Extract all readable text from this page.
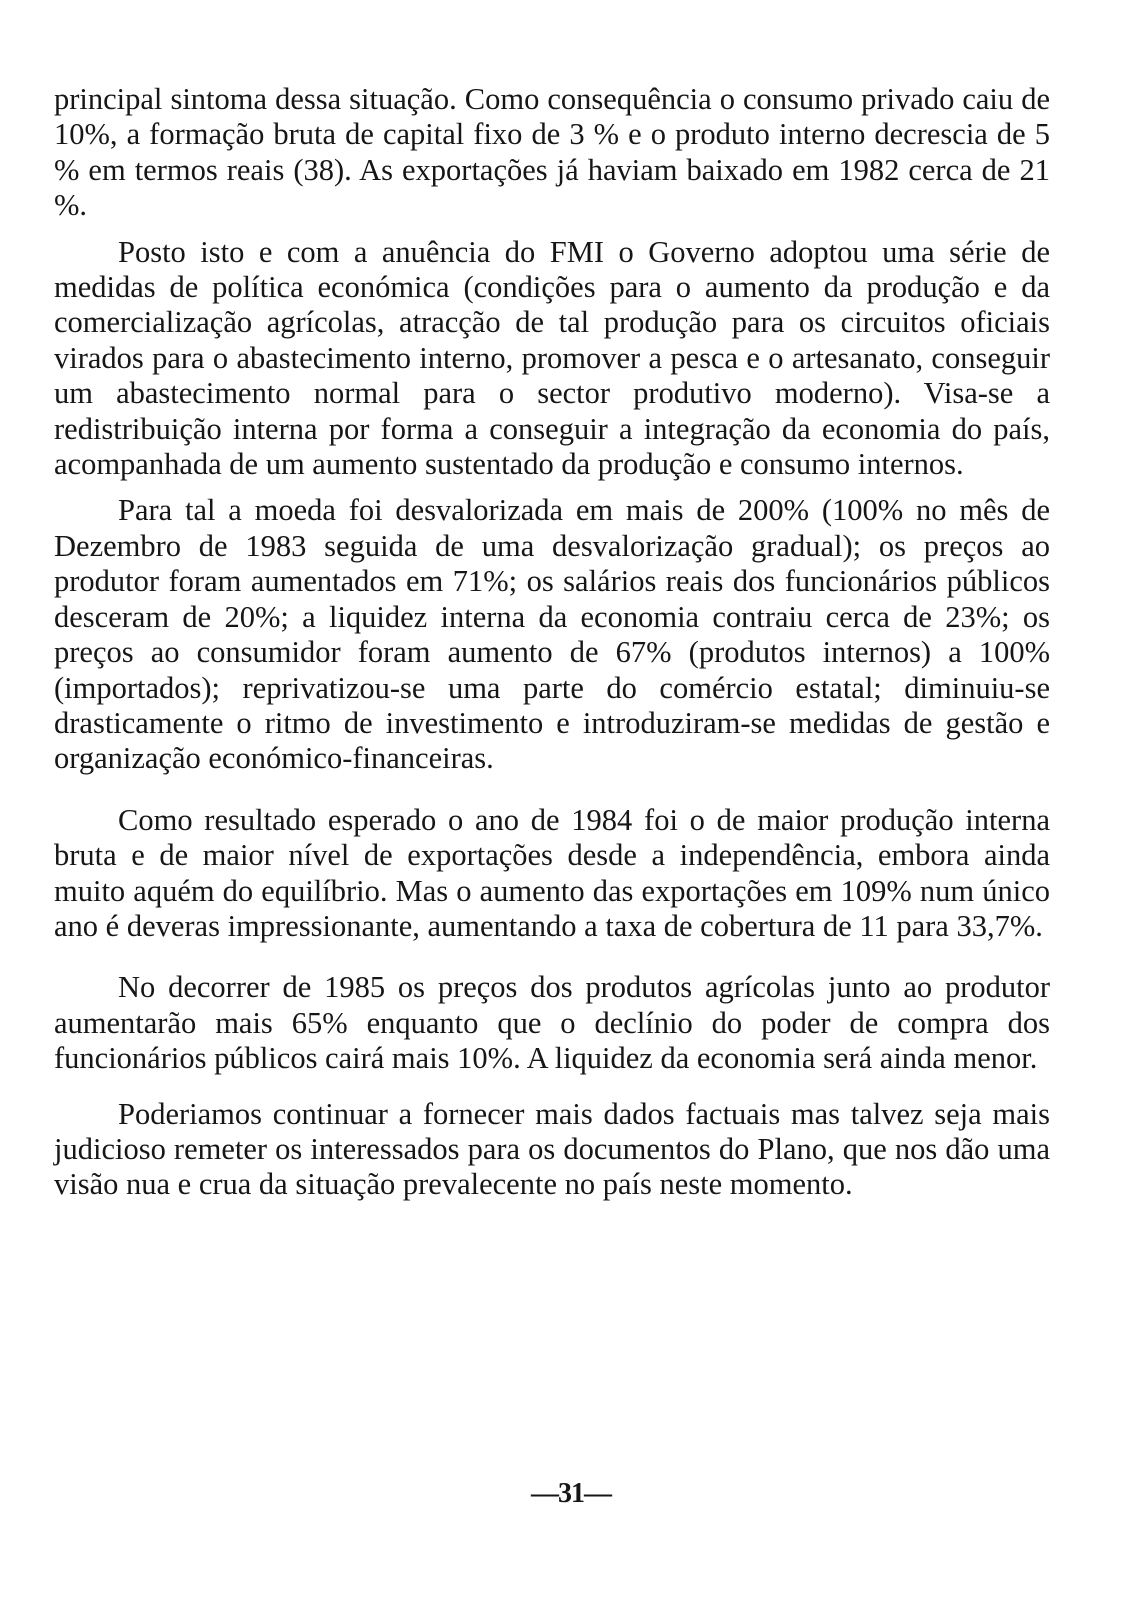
principal sintoma dessa situação. Como consequência o consumo privado caiu de 10%, a formação bruta de capital fixo de 3 % e o produto interno decrescia de 5 % em termos reais (38). As exportações já haviam baixado em 1982 cerca de 21 %.

Posto isto e com a anuência do FMI o Governo adoptou uma série de medidas de política económica (condições para o aumento da produção e da comercialização agrícolas, atracção de tal produção para os circuitos oficiais virados para o abastecimento interno, promover a pesca e o artesanato, conseguir um abastecimento normal para o sector produtivo moderno). Visa-se a redistribuição interna por forma a conseguir a integração da economia do país, acompanhada de um aumento sustentado da produção e consumo internos.

Para tal a moeda foi desvalorizada em mais de 200% (100% no mês de Dezembro de 1983 seguida de uma desvalorização gradual); os preços ao produtor foram aumentados em 71%; os salários reais dos funcionários públicos desceram de 20%; a liquidez interna da economia contraiu cerca de 23%; os preços ao consumidor foram aumento de 67% (produtos internos) a 100% (importados); reprivatizou-se uma parte do comércio estatal; diminuiu-se drasticamente o ritmo de investimento e introduziram-se medidas de gestão e organização económico-financeiras.

Como resultado esperado o ano de 1984 foi o de maior produção interna bruta e de maior nível de exportações desde a independência, embora ainda muito aquém do equilíbrio. Mas o aumento das exportações em 109% num único ano é deveras impressionante, aumentando a taxa de cobertura de 11 para 33,7%.

No decorrer de 1985 os preços dos produtos agrícolas junto ao produtor aumentarão mais 65% enquanto que o declínio do poder de compra dos funcionários públicos cairá mais 10%. A liquidez da economia será ainda menor.

Poderiamos continuar a fornecer mais dados factuais mas talvez seja mais judicioso remeter os interessados para os documentos do Plano, que nos dão uma visão nua e crua da situação prevalecente no país neste momento.

—31—
